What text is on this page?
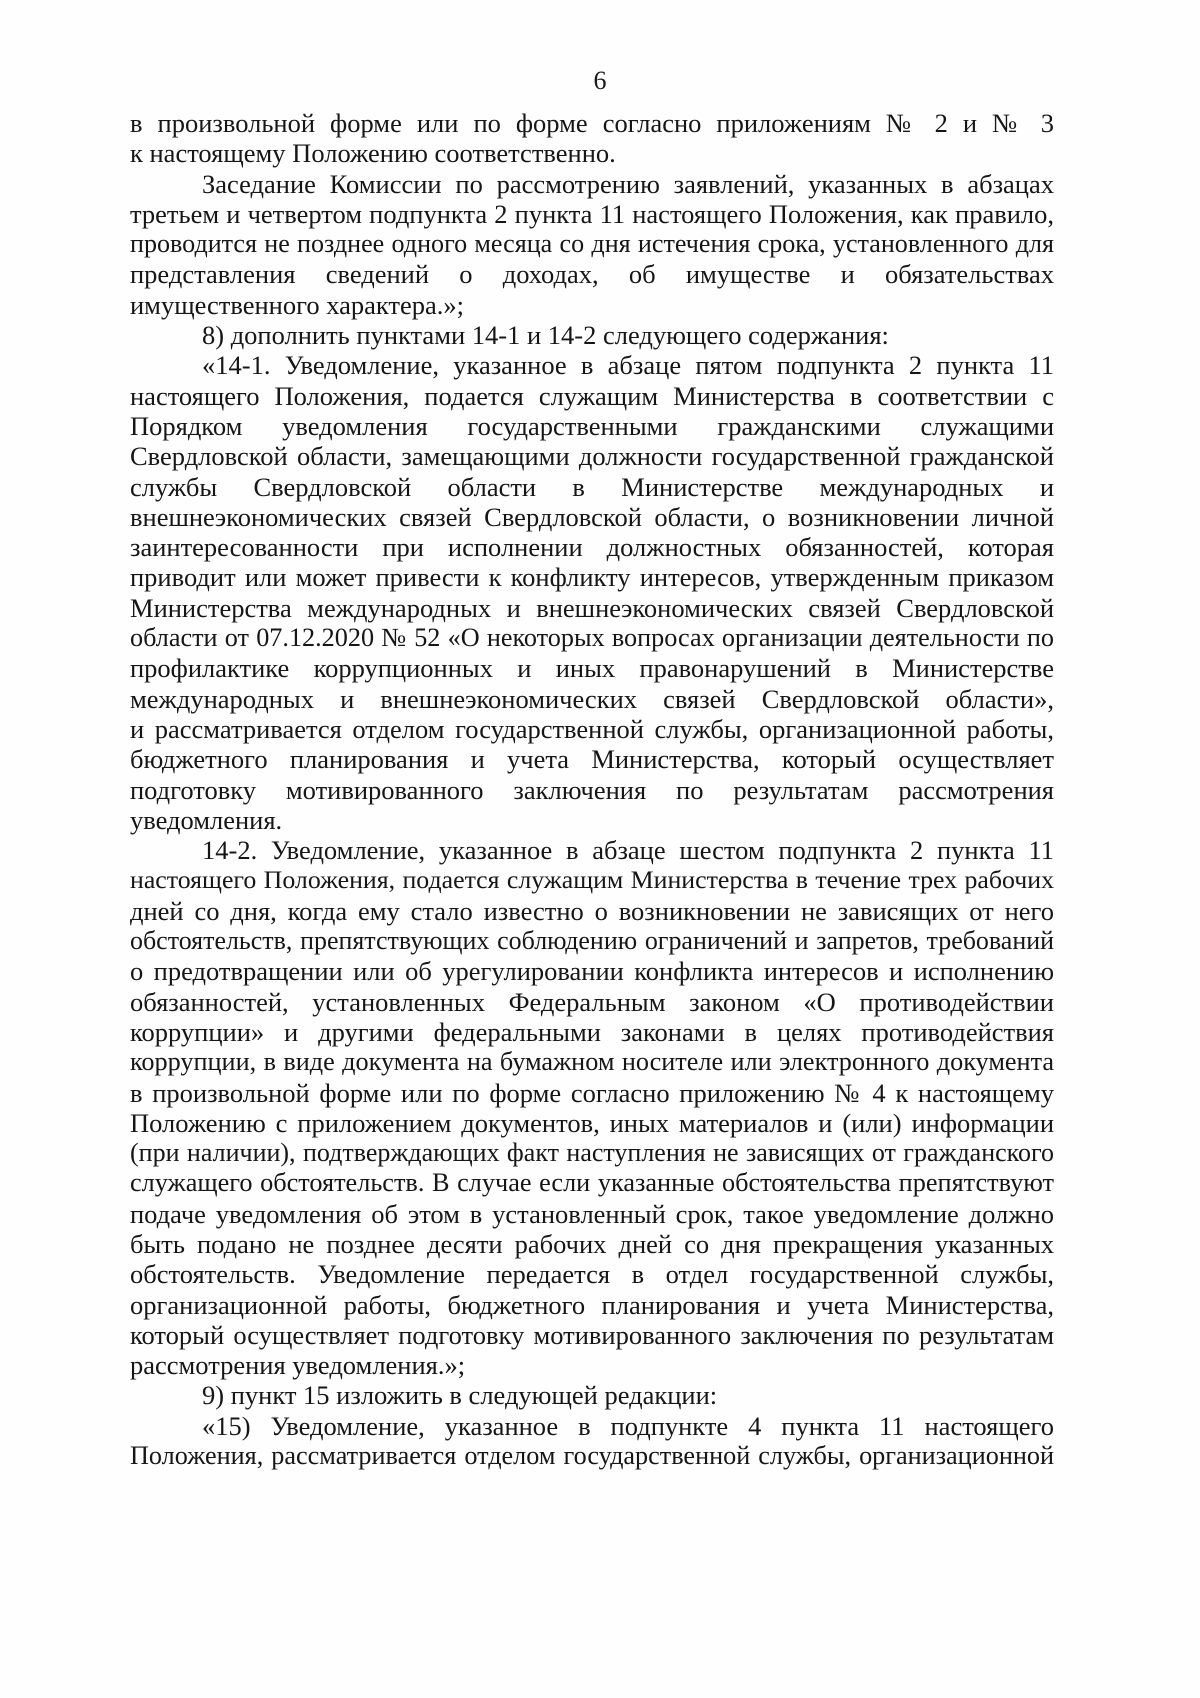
6

в произвольной форме или по форме согласно приложениям № 2 и № 3

к настоящему Положению соответственно.

Заседание Комиссии по рассмотрению заявлений, указанных в абзацах

третьем и четвертом подпункта 2 пункта 11 настоящего Положения, как правило,

проводится не позднее одного месяца со дня истечения срока, установленного для

представления сведений о доходах, об имуществе и обязательствах

имущественного характера.»;

8) дополнить пунктами 14-1 и 14-2 следующего содержания:

«14-1. Уведомление, указанное в абзаце пятом подпункта 2 пункта 11

настоящего Положения, подается служащим Министерства в соответствии с

Порядком уведомления государственными гражданскими служащими

Свердловской области, замещающими должности государственной гражданской

службы Свердловской области в Министерстве международных и

внешнеэкономических связей Свердловской области, о возникновении личной

заинтересованности при исполнении должностных обязанностей, которая

приводит или может привести к конфликту интересов, утвержденным приказом

Министерства международных и внешнеэкономических связей Свердловской

области от 07.12.2020 № 52 «О некоторых вопросах организации деятельности по

профилактике коррупционных и иных правонарушений в Министерстве

международных и внешнеэкономических связей Свердловской области»,

и рассматривается отделом государственной службы, организационной работы,

бюджетного планирования и учета Министерства, который осуществляет

подготовку мотивированного заключения по результатам рассмотрения

уведомления.

14-2. Уведомление, указанное в абзаце шестом подпункта 2 пункта 11

настоящего Положения, подается служащим Министерства в течение трех рабочих

дней со дня, когда ему стало известно о возникновении не зависящих от него

обстоятельств, препятствующих соблюдению ограничений и запретов, требований

о предотвращении или об урегулировании конфликта интересов и исполнению

обязанностей, установленных Федеральным законом «О противодействии

коррупции» и другими федеральными законами в целях противодействия

коррупции, в виде документа на бумажном носителе или электронного документа

в произвольной форме или по форме согласно приложению № 4 к настоящему

Положению с приложением документов, иных материалов и (или) информации

(при наличии), подтверждающих факт наступления не зависящих от гражданского

служащего обстоятельств. В случае если указанные обстоятельства препятствуют

подаче уведомления об этом в установленный срок, такое уведомление должно

быть подано не позднее десяти рабочих дней со дня прекращения указанных

обстоятельств. Уведомление передается в отдел государственной службы,

организационной работы, бюджетного планирования и учета Министерства,

который осуществляет подготовку мотивированного заключения по результатам

рассмотрения уведомления.»;

9) пункт 15 изложить в следующей редакции:

«15) Уведомление, указанное в подпункте 4 пункта 11 настоящего

Положения, рассматривается отделом государственной службы, организационной
